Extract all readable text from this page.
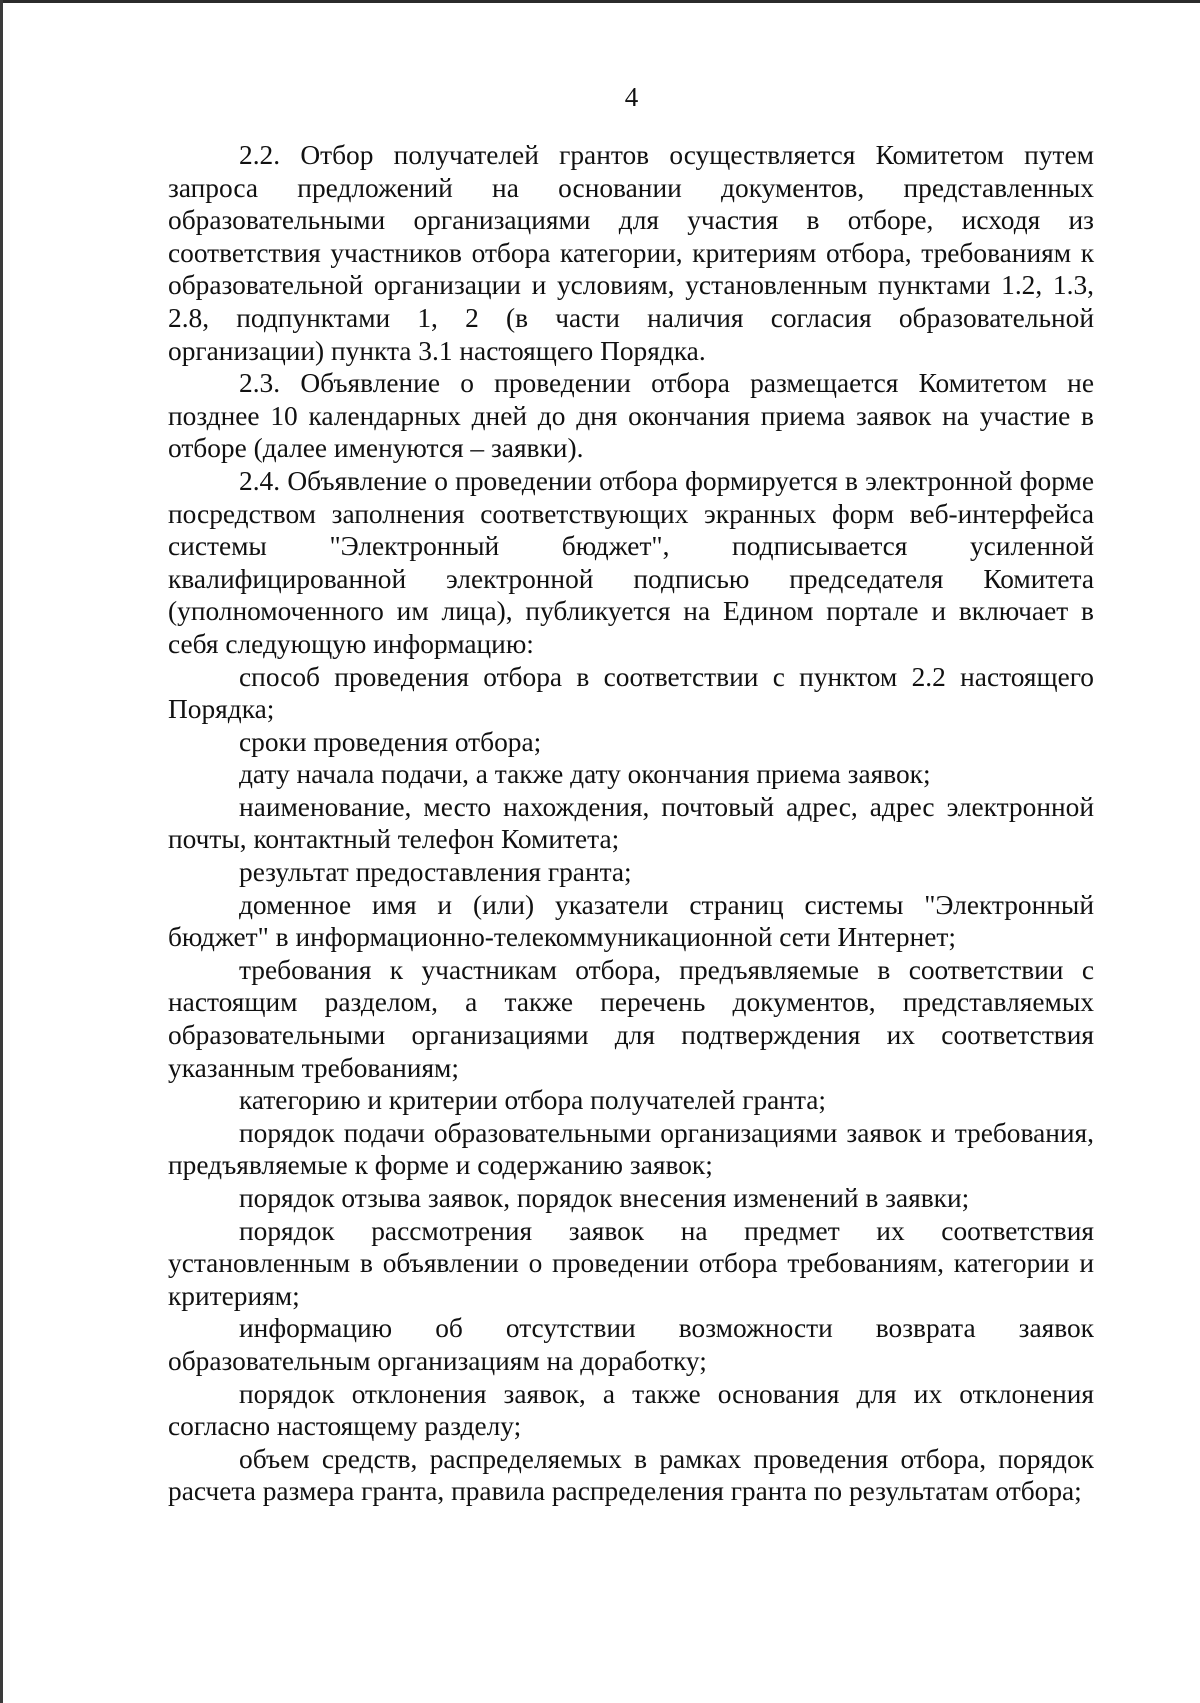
4

2.2. Отбор получателей грантов осуществляется Комитетом путем запроса предложений на основании документов, представленных образовательными организациями для участия в отборе, исходя из соответствия участников отбора категории, критериям отбора, требованиям к образовательной организации и условиям, установленным пунктами 1.2, 1.3, 2.8, подпунктами 1, 2 (в части наличия согласия образовательной организации) пункта 3.1 настоящего Порядка.

2.3. Объявление о проведении отбора размещается Комитетом не позднее 10 календарных дней до дня окончания приема заявок на участие в отборе (далее именуются – заявки).

2.4. Объявление о проведении отбора формируется в электронной форме посредством заполнения соответствующих экранных форм веб-интерфейса системы "Электронный бюджет", подписывается усиленной квалифицированной электронной подписью председателя Комитета (уполномоченного им лица), публикуется на Едином портале и включает в себя следующую информацию:

способ проведения отбора в соответствии с пунктом 2.2 настоящего Порядка;

сроки проведения отбора;

дату начала подачи, а также дату окончания приема заявок;

наименование, место нахождения, почтовый адрес, адрес электронной почты, контактный телефон Комитета;

результат предоставления гранта;

доменное имя и (или) указатели страниц системы "Электронный бюджет" в информационно-телекоммуникационной сети Интернет;

требования к участникам отбора, предъявляемые в соответствии с настоящим разделом, а также перечень документов, представляемых образовательными организациями для подтверждения их соответствия указанным требованиям;

категорию и критерии отбора получателей гранта;

порядок подачи образовательными организациями заявок и требования, предъявляемые к форме и содержанию заявок;

порядок отзыва заявок, порядок внесения изменений в заявки;

порядок рассмотрения заявок на предмет их соответствия установленным в объявлении о проведении отбора требованиям, категории и критериям;

информацию об отсутствии возможности возврата заявок образовательным организациям на доработку;

порядок отклонения заявок, а также основания для их отклонения согласно настоящему разделу;

объем средств, распределяемых в рамках проведения отбора, порядок расчета размера гранта, правила распределения гранта по результатам отбора;
